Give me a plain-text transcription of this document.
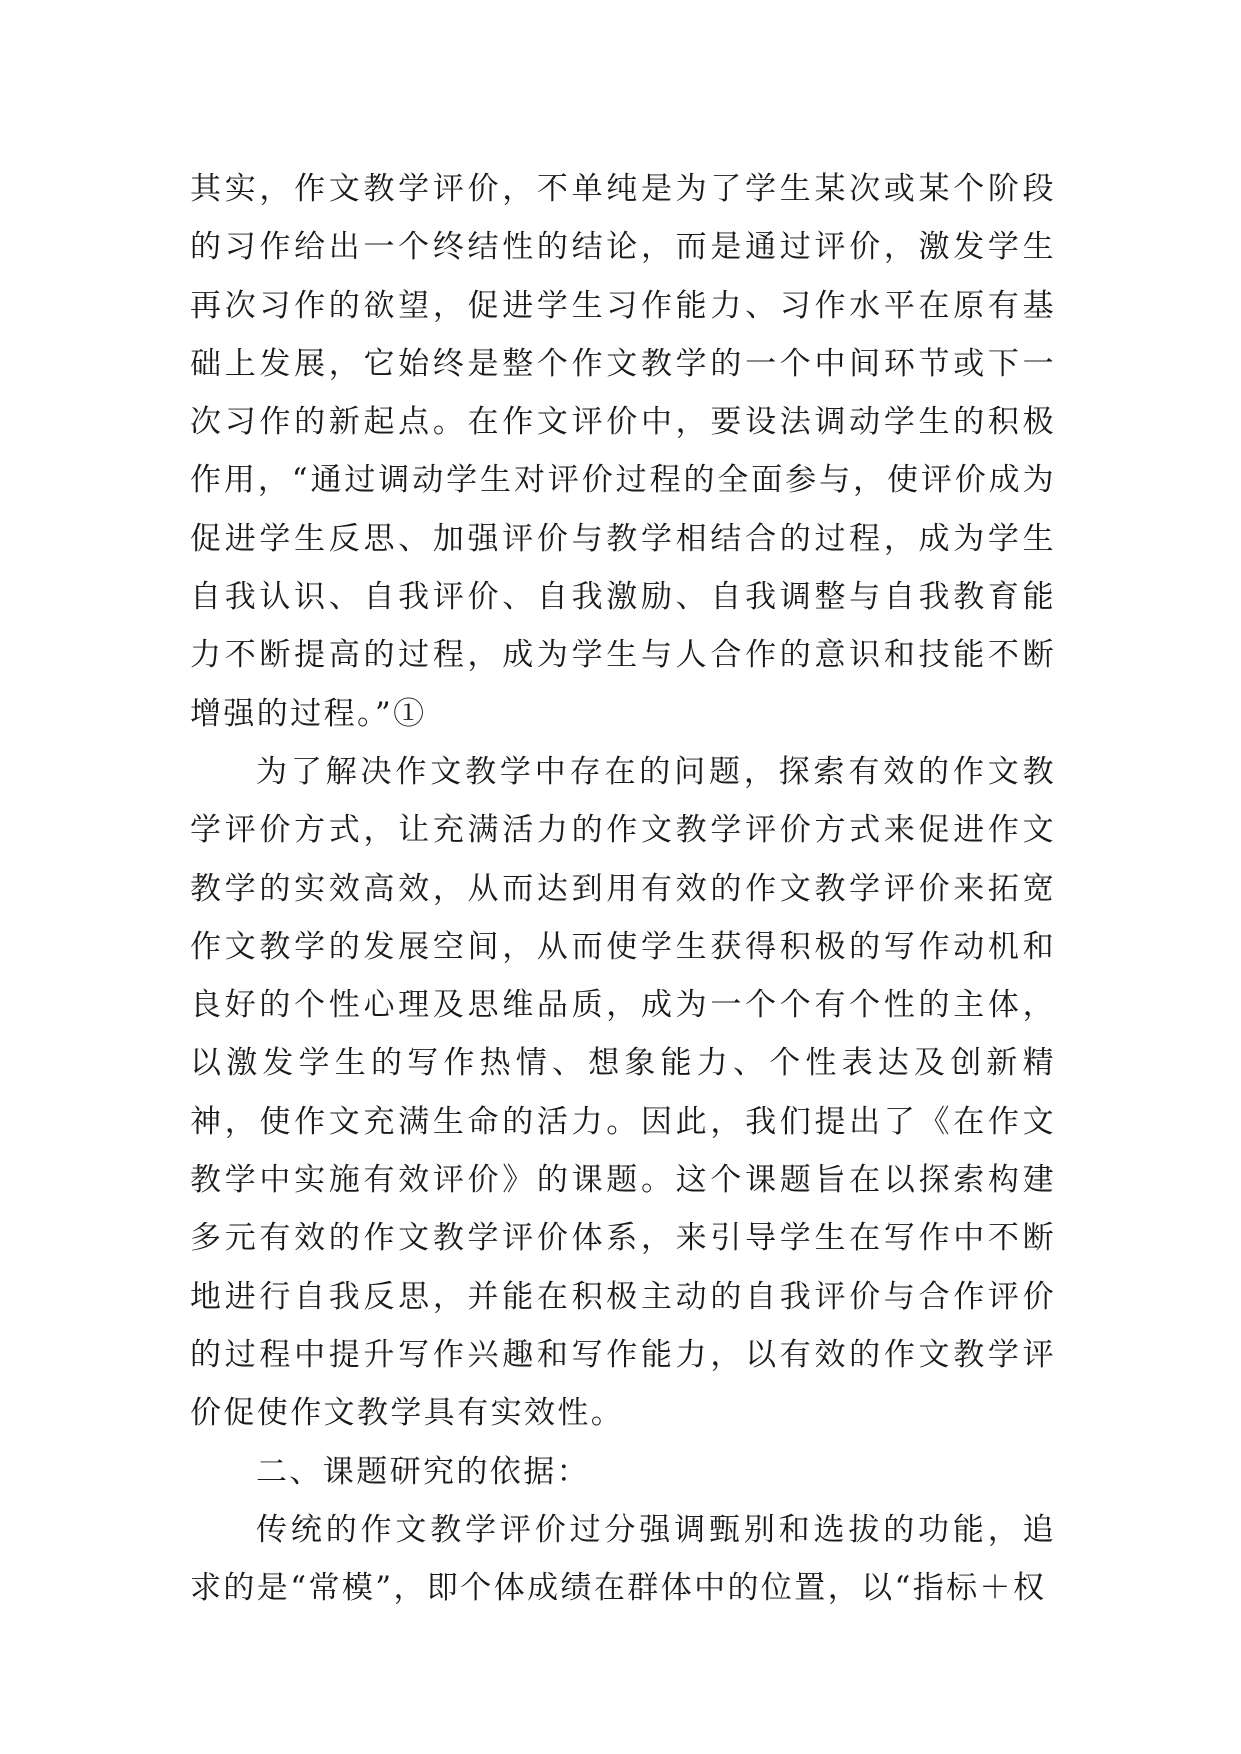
其实，作文教学评价，不单纯是为了学生某次或某个阶段的习作给出一个终结性的结论，而是通过评价，激发学生再次习作的欲望，促进学生习作能力、习作水平在原有基础上发展，它始终是整个作文教学的一个中间环节或下一次习作的新起点。在作文评价中，要设法调动学生的积极作用，“通过调动学生对评价过程的全面参与，使评价成为促进学生反思、加强评价与教学相结合的过程，成为学生自我认识、自我评价、自我激励、自我调整与自我教育能力不断提高的过程，成为学生与人合作的意识和技能不断增强的过程。”①

为了解决作文教学中存在的问题，探索有效的作文教学评价方式，让充满活力的作文教学评价方式来促进作文教学的实效高效，从而达到用有效的作文教学评价来拓宽作文教学的发展空间，从而使学生获得积极的写作动机和良好的个性心理及思维品质，成为一个个有个性的主体，以激发学生的写作热情、想象能力、个性表达及创新精神，使作文充满生命的活力。因此，我们提出了《在作文教学中实施有效评价》的课题。这个课题旨在以探索构建多元有效的作文教学评价体系，来引导学生在写作中不断地进行自我反思，并能在积极主动的自我评价与合作评价的过程中提升写作兴趣和写作能力，以有效的作文教学评价促使作文教学具有实效性。

二、课题研究的依据：

传统的作文教学评价过分强调甄别和选拔的功能，追求的是“常模”，即个体成绩在群体中的位置，以“指标＋权
